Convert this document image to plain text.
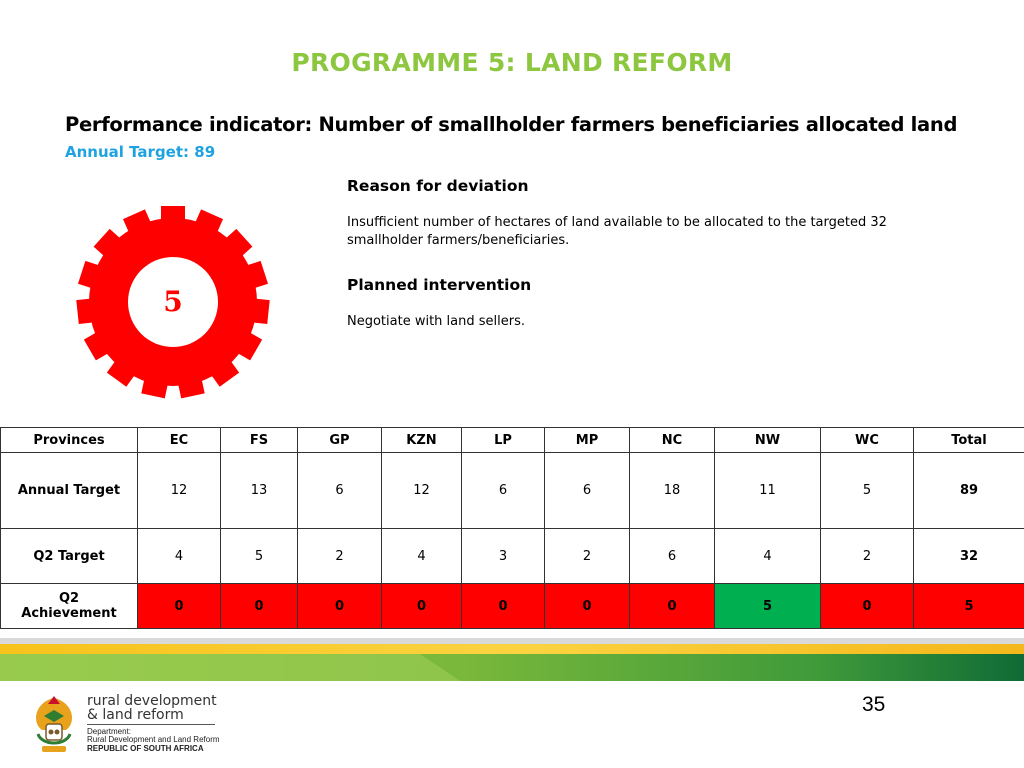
PROGRAMME 5: LAND REFORM
Performance indicator: Number of smallholder farmers beneficiaries allocated land
Annual Target: 89
5
Reason for deviation
Insufficient number of hectares of land available to be allocated to the targeted 32 smallholder farmers/beneficiaries.
Planned intervention
Negotiate with land sellers.
Provinces	EC	FS	GP	KZN	LP	MP	NC	NW	WC	Total
Annual Target	12	13	6	12	6	6	18	11	5	89
Q2 Target	4	5	2	4	3	2	6	4	2	32

Q2
Achievement	0	0	0	0	0	0	0	5	0	5
35
rural development
& land reform
Department:
Rural Development and Land Reform
REPUBLIC OF SOUTH AFRICA
